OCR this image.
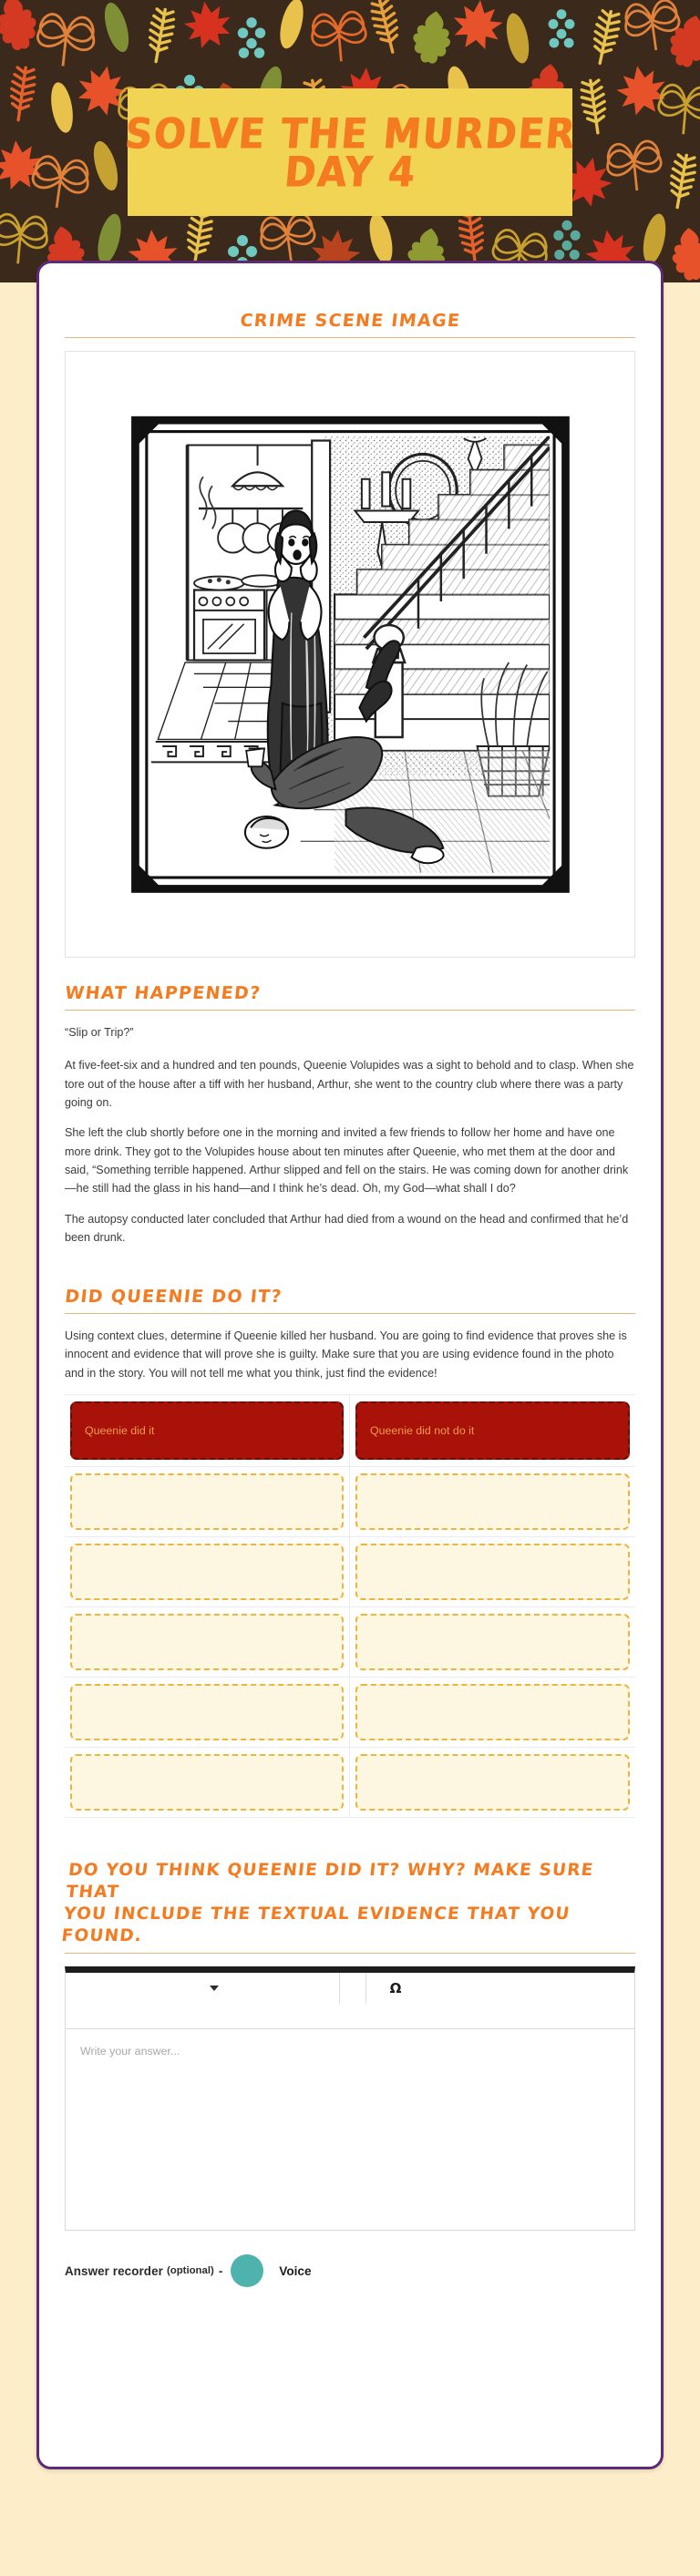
SOLVE THE MURDER
DAY 4
CRIME SCENE IMAGE
WHAT HAPPENED?

“Slip or Trip?”

At five-feet-six and a hundred and ten pounds, Queenie Volupides was a sight to behold and to clasp. When she tore out of the house after a tiff with her husband, Arthur, she went to the country club where there was a party going on.

She left the club shortly before one in the morning and invited a few friends to follow her home and have one more drink. They got to the Volupides house about ten minutes after Queenie, who met them at the door and said, “Something terrible happened. Arthur slipped and fell on the stairs. He was coming down for another drink—he still had the glass in his hand—and I think he’s dead. Oh, my God—what shall I do?

The autopsy conducted later concluded that Arthur had died from a wound on the head and confirmed that he’d been drunk.

DID QUEENIE DO IT?

Using context clues, determine if Queenie killed her husband. You are going to find evidence that proves she is innocent and evidence that will prove she is guilty. Make sure that you are using evidence found in the photo and in the story. You will not tell me what you think, just find the evidence!

Queenie did it	Queenie did not do it
DO YOU THINK QUEENIE DID IT? WHY? MAKE SURE THAT
YOU INCLUDE THE TEXTUAL EVIDENCE THAT YOU FOUND.
Ω
Write your answer...
Answer recorder (optional) -	Voice
